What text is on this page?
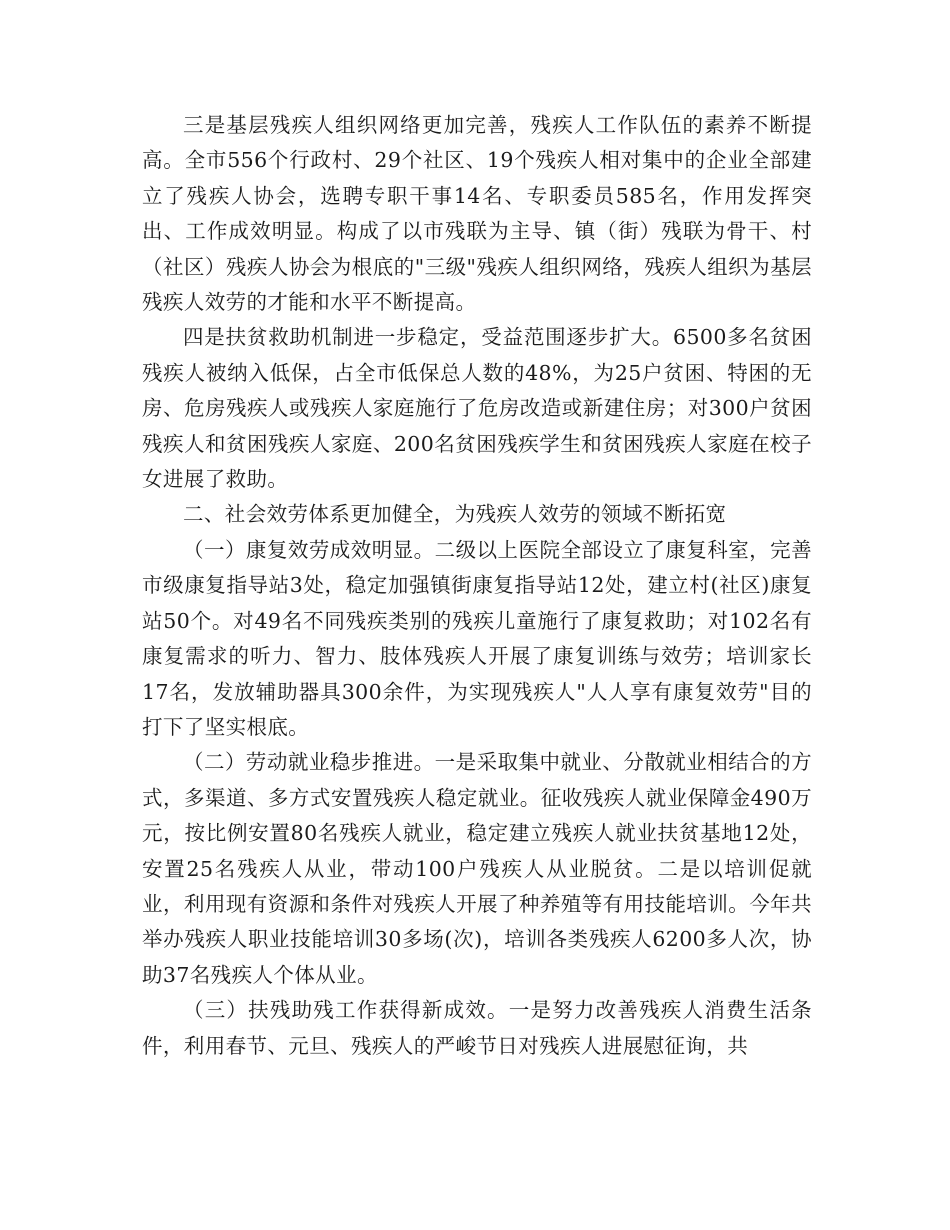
三是基层残疾人组织网络更加完善，残疾人工作队伍的素养不断提高。全市556个行政村、29个社区、19个残疾人相对集中的企业全部建立了残疾人协会，选聘专职干事14名、专职委员585名，作用发挥突出、工作成效明显。构成了以市残联为主导、镇（街）残联为骨干、村（社区）残疾人协会为根底的"三级"残疾人组织网络，残疾人组织为基层残疾人效劳的才能和水平不断提高。

四是扶贫救助机制进一步稳定，受益范围逐步扩大。6500多名贫困残疾人被纳入低保，占全市低保总人数的48%，为25户贫困、特困的无房、危房残疾人或残疾人家庭施行了危房改造或新建住房；对300户贫困残疾人和贫困残疾人家庭、200名贫困残疾学生和贫困残疾人家庭在校子女进展了救助。

二、社会效劳体系更加健全，为残疾人效劳的领域不断拓宽

（一）康复效劳成效明显。二级以上医院全部设立了康复科室，完善市级康复指导站3处，稳定加强镇街康复指导站12处，建立村(社区)康复站50个。对49名不同残疾类别的残疾儿童施行了康复救助；对102名有康复需求的听力、智力、肢体残疾人开展了康复训练与效劳；培训家长17名，发放辅助器具300余件，为实现残疾人"人人享有康复效劳"目的打下了坚实根底。

（二）劳动就业稳步推进。一是采取集中就业、分散就业相结合的方式，多渠道、多方式安置残疾人稳定就业。征收残疾人就业保障金490万元，按比例安置80名残疾人就业，稳定建立残疾人就业扶贫基地12处，安置25名残疾人从业，带动100户残疾人从业脱贫。二是以培训促就业，利用现有资源和条件对残疾人开展了种养殖等有用技能培训。今年共举办残疾人职业技能培训30多场(次)，培训各类残疾人6200多人次，协助37名残疾人个体从业。

（三）扶残助残工作获得新成效。一是努力改善残疾人消费生活条件，利用春节、元旦、残疾人的严峻节日对残疾人进展慰征询，共
